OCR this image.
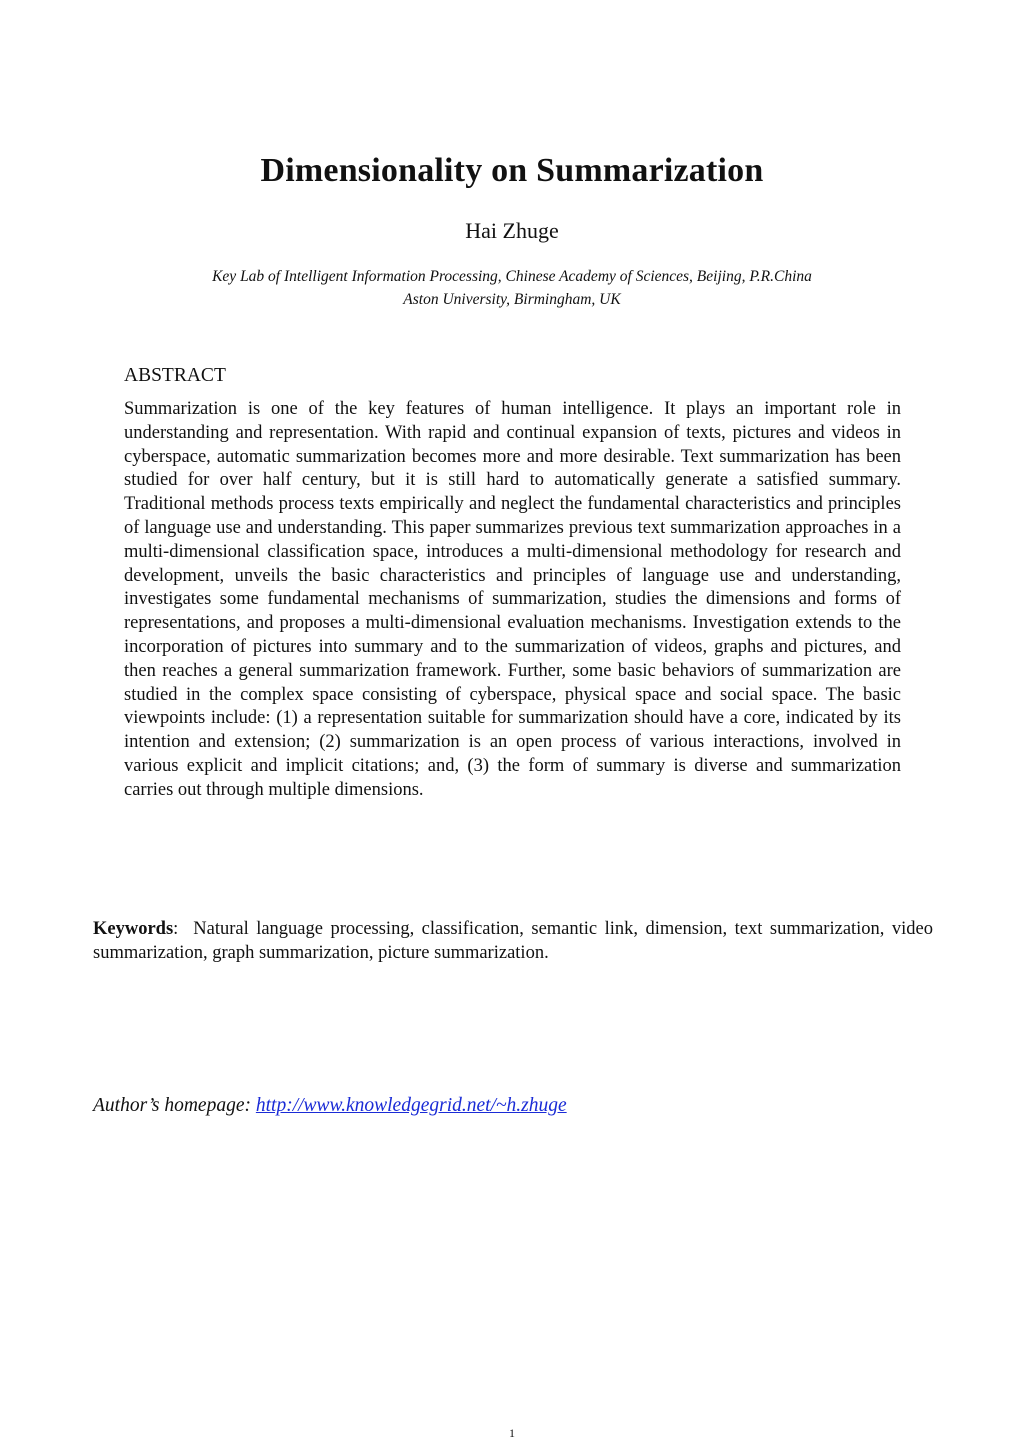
Dimensionality on Summarization
Hai Zhuge
Key Lab of Intelligent Information Processing, Chinese Academy of Sciences, Beijing, P.R.China
Aston University, Birmingham, UK
ABSTRACT
Summarization is one of the key features of human intelligence. It plays an important role in understanding and representation. With rapid and continual expansion of texts, pictures and videos in cyberspace, automatic summarization becomes more and more desirable. Text summarization has been studied for over half century, but it is still hard to automatically generate a satisfied summary. Traditional methods process texts empirically and neglect the fundamental characteristics and principles of language use and understanding. This paper summarizes previous text summarization approaches in a multi-dimensional classification space, introduces a multi-dimensional methodology for research and development, unveils the basic characteristics and principles of language use and understanding, investigates some fundamental mechanisms of summarization, studies the dimensions and forms of representations, and proposes a multi-dimensional evaluation mechanisms. Investigation extends to the incorporation of pictures into summary and to the summarization of videos, graphs and pictures, and then reaches a general summarization framework. Further, some basic behaviors of summarization are studied in the complex space consisting of cyberspace, physical space and social space. The basic viewpoints include: (1) a representation suitable for summarization should have a core, indicated by its intention and extension; (2) summarization is an open process of various interactions, involved in various explicit and implicit citations; and, (3) the form of summary is diverse and summarization carries out through multiple dimensions.
Keywords: Natural language processing, classification, semantic link, dimension, text summarization, video summarization, graph summarization, picture summarization.
Author’s homepage: http://www.knowledgegrid.net/~h.zhuge
1
